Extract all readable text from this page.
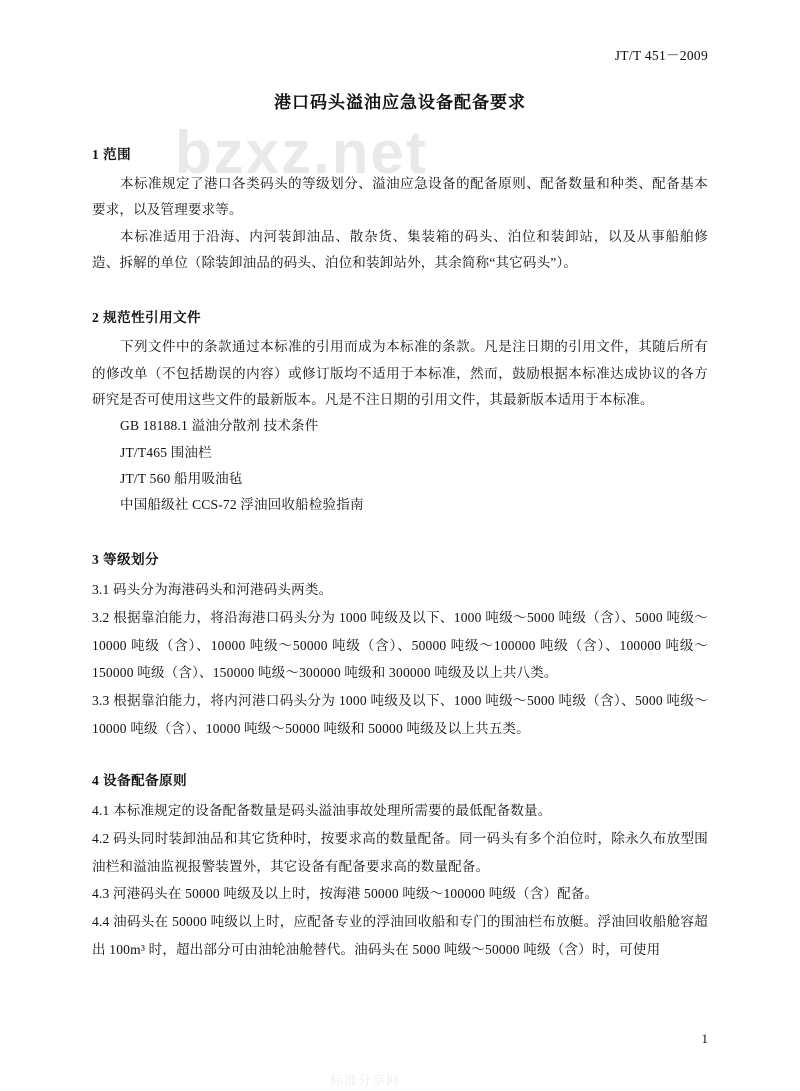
bzxz.net
标准分享网
JT/T 451－2009
港口码头溢油应急设备配备要求
1 范围

本标准规定了港口各类码头的等级划分、溢油应急设备的配备原则、配备数量和种类、配备基本要求，以及管理要求等。

本标准适用于沿海、内河装卸油品、散杂货、集装箱的码头、泊位和装卸站，以及从事船舶修造、拆解的单位（除装卸油品的码头、泊位和装卸站外，其余简称“其它码头”）。

2 规范性引用文件

下列文件中的条款通过本标准的引用而成为本标准的条款。凡是注日期的引用文件，其随后所有的修改单（不包括勘误的内容）或修订版均不适用于本标准，然而，鼓励根据本标准达成协议的各方研究是否可使用这些文件的最新版本。凡是不注日期的引用文件，其最新版本适用于本标准。

GB 18188.1 溢油分散剂 技术条件

JT/T465 围油栏

JT/T 560 船用吸油毡

中国船级社 CCS-72 浮油回收船检验指南

3 等级划分

3.1 码头分为海港码头和河港码头两类。

3.2 根据靠泊能力，将沿海港口码头分为 1000 吨级及以下、1000 吨级～5000 吨级（含）、5000 吨级～10000 吨级（含）、10000 吨级～50000 吨级（含）、50000 吨级～100000 吨级（含）、100000 吨级～150000 吨级（含）、150000 吨级～300000 吨级和 300000 吨级及以上共八类。

3.3 根据靠泊能力，将内河港口码头分为 1000 吨级及以下、1000 吨级～5000 吨级（含）、5000 吨级～10000 吨级（含）、10000 吨级～50000 吨级和 50000 吨级及以上共五类。

4 设备配备原则

4.1 本标准规定的设备配备数量是码头溢油事故处理所需要的最低配备数量。

4.2 码头同时装卸油品和其它货种时，按要求高的数量配备。同一码头有多个泊位时，除永久布放型围油栏和溢油监视报警装置外，其它设备有配备要求高的数量配备。

4.3 河港码头在 50000 吨级及以上时，按海港 50000 吨级～100000 吨级（含）配备。

4.4 油码头在 50000 吨级以上时，应配备专业的浮油回收船和专门的围油栏布放艇。浮油回收船舱容超出 100m³ 时，超出部分可由油轮油舱替代。油码头在 5000 吨级～50000 吨级（含）时，可使用

1
